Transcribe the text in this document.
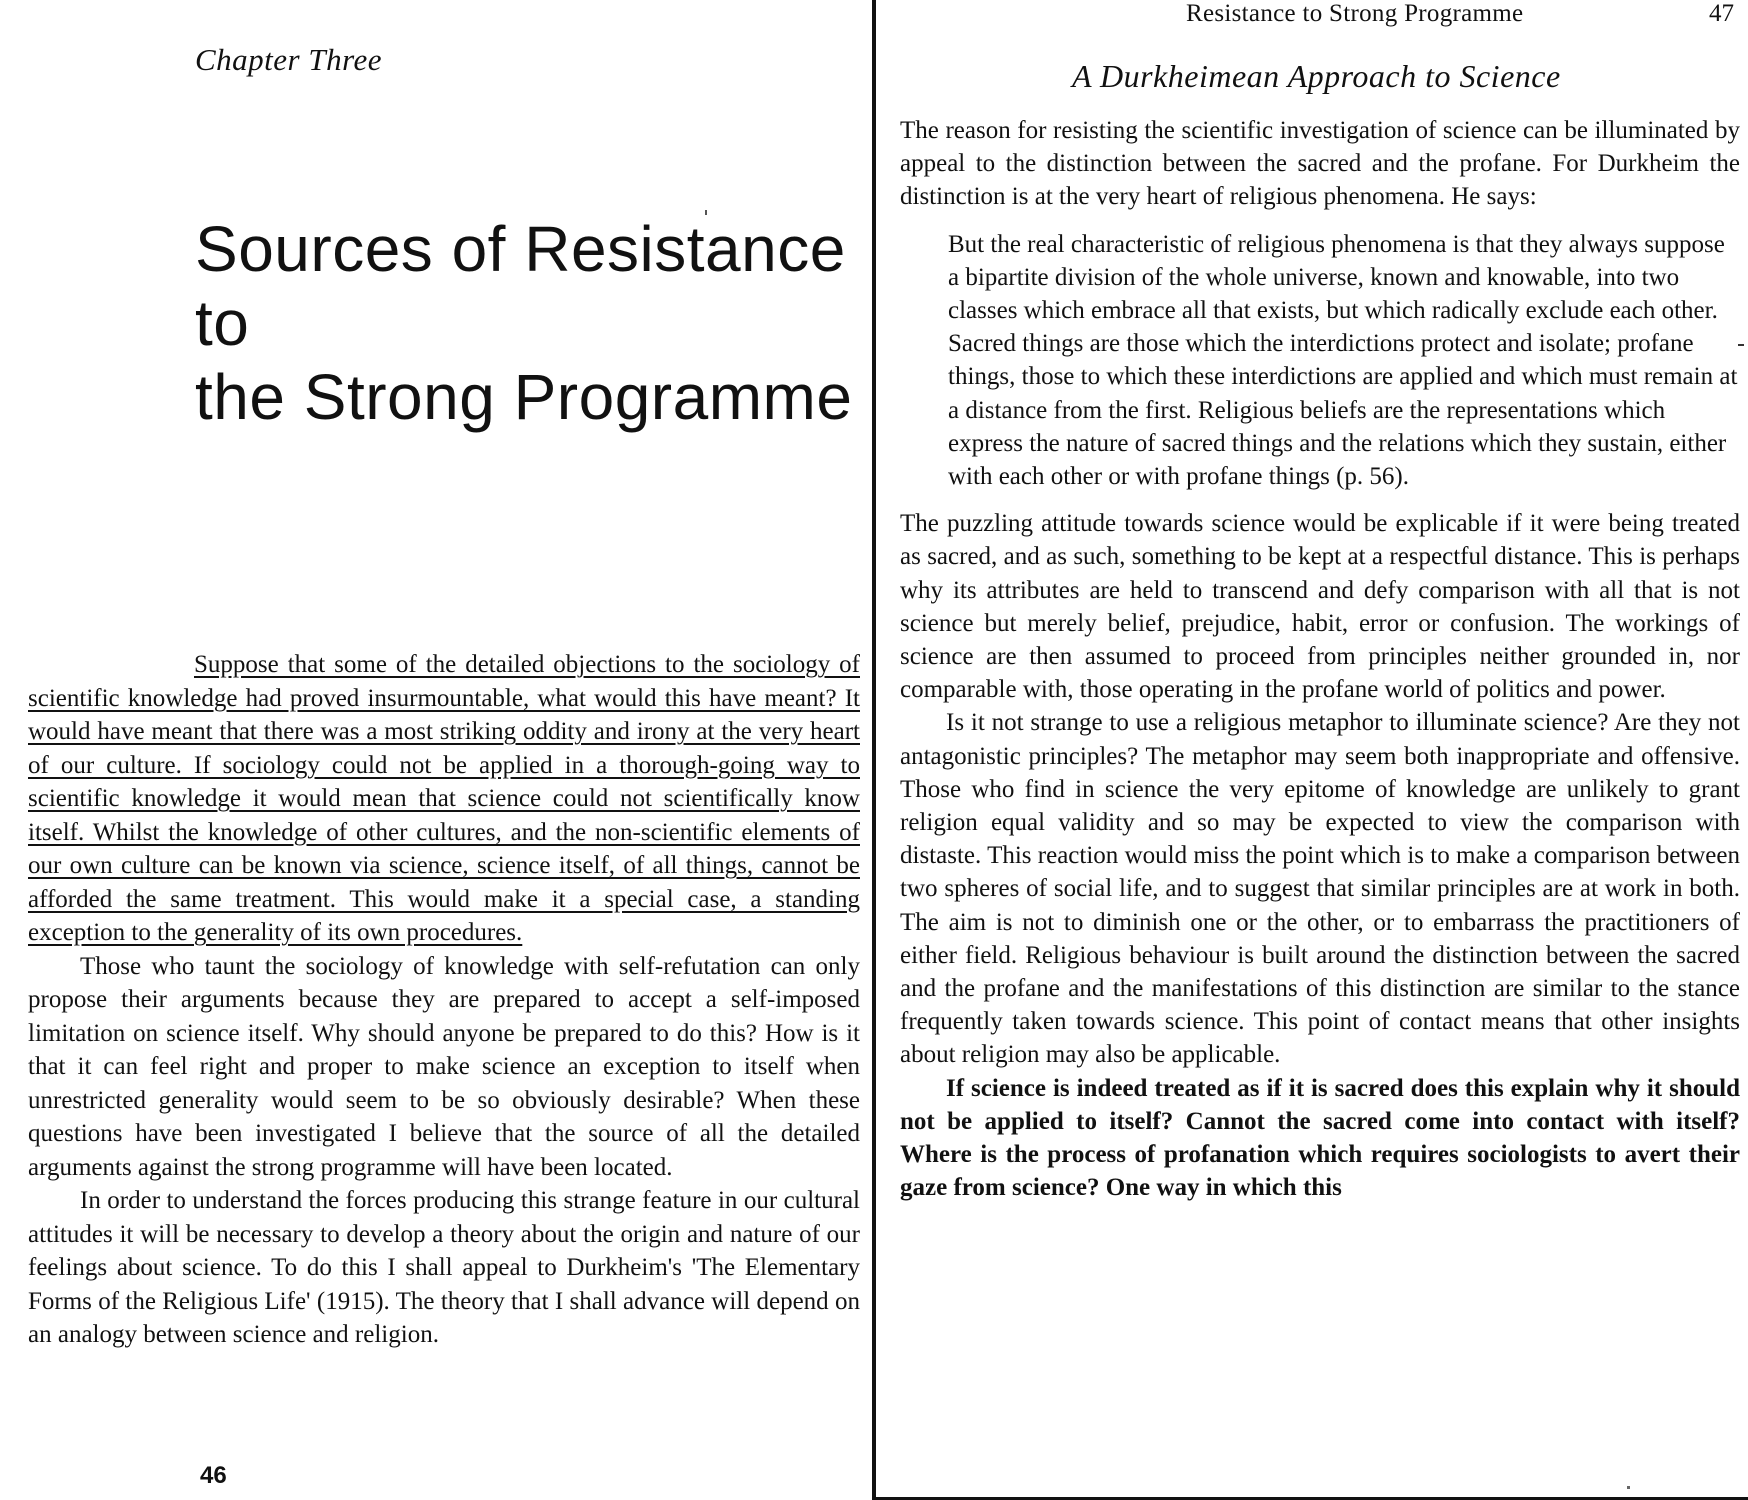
Chapter Three
Sources of Resistance to
the Strong Programme

Suppose that some of the detailed objections to the sociology of scientific knowledge had proved insurmountable, what would this have meant? It would have meant that there was a most striking oddity and irony at the very heart of our culture. If sociology could not be applied in a thorough-going way to scientific knowledge it would mean that science could not scientifically know itself. Whilst the knowledge of other cultures, and the non-scientific elements of our own culture can be known via science, science itself, of all things, cannot be afforded the same treatment. This would make it a special case, a standing exception to the generality of its own procedures.

Those who taunt the sociology of knowledge with self-refutation can only propose their arguments because they are prepared to accept a self-imposed limitation on science itself. Why should anyone be prepared to do this? How is it that it can feel right and proper to make science an exception to itself when unrestricted generality would seem to be so obviously desirable? When these questions have been investigated I believe that the source of all the detailed arguments against the strong programme will have been located.

In order to understand the forces producing this strange feature in our cultural attitudes it will be necessary to develop a theory about the origin and nature of our feelings about science. To do this I shall appeal to Durkheim's 'The Elementary Forms of the Religious Life' (1915). The theory that I shall advance will depend on an analogy between science and religion.

46
Resistance to Strong Programme	47
A Durkheimean Approach to Science

The reason for resisting the scientific investigation of science can be illuminated by appeal to the distinction between the sacred and the profane. For Durkheim the distinction is at the very heart of religious phenomena. He says:

But the real characteristic of religious phenomena is that they always suppose a bipartite division of the whole universe, known and knowable, into two classes which embrace all that exists, but which radically exclude each other. Sacred things are those which the interdictions protect and isolate; profane things, those to which these interdictions are applied and which must remain at a distance from the first. Religious beliefs are the representations which express the nature of sacred things and the relations which they sustain, either with each other or with profane things (p. 56).

The puzzling attitude towards science would be explicable if it were being treated as sacred, and as such, something to be kept at a respectful distance. This is perhaps why its attributes are held to transcend and defy comparison with all that is not science but merely belief, prejudice, habit, error or confusion. The workings of science are then assumed to proceed from principles neither grounded in, nor comparable with, those operating in the profane world of politics and power.

Is it not strange to use a religious metaphor to illuminate science? Are they not antagonistic principles? The metaphor may seem both inappropriate and offensive. Those who find in science the very epitome of knowledge are unlikely to grant religion equal validity and so may be expected to view the comparison with distaste. This reaction would miss the point which is to make a comparison between two spheres of social life, and to suggest that similar principles are at work in both. The aim is not to diminish one or the other, or to embarrass the practitioners of either field. Religious behaviour is built around the distinction between the sacred and the profane and the manifestations of this distinction are similar to the stance frequently taken towards science. This point of contact means that other insights about religion may also be applicable.

If science is indeed treated as if it is sacred does this explain why it should not be applied to itself? Cannot the sacred come into contact with itself? Where is the process of profanation which requires sociologists to avert their gaze from science? One way in which this
